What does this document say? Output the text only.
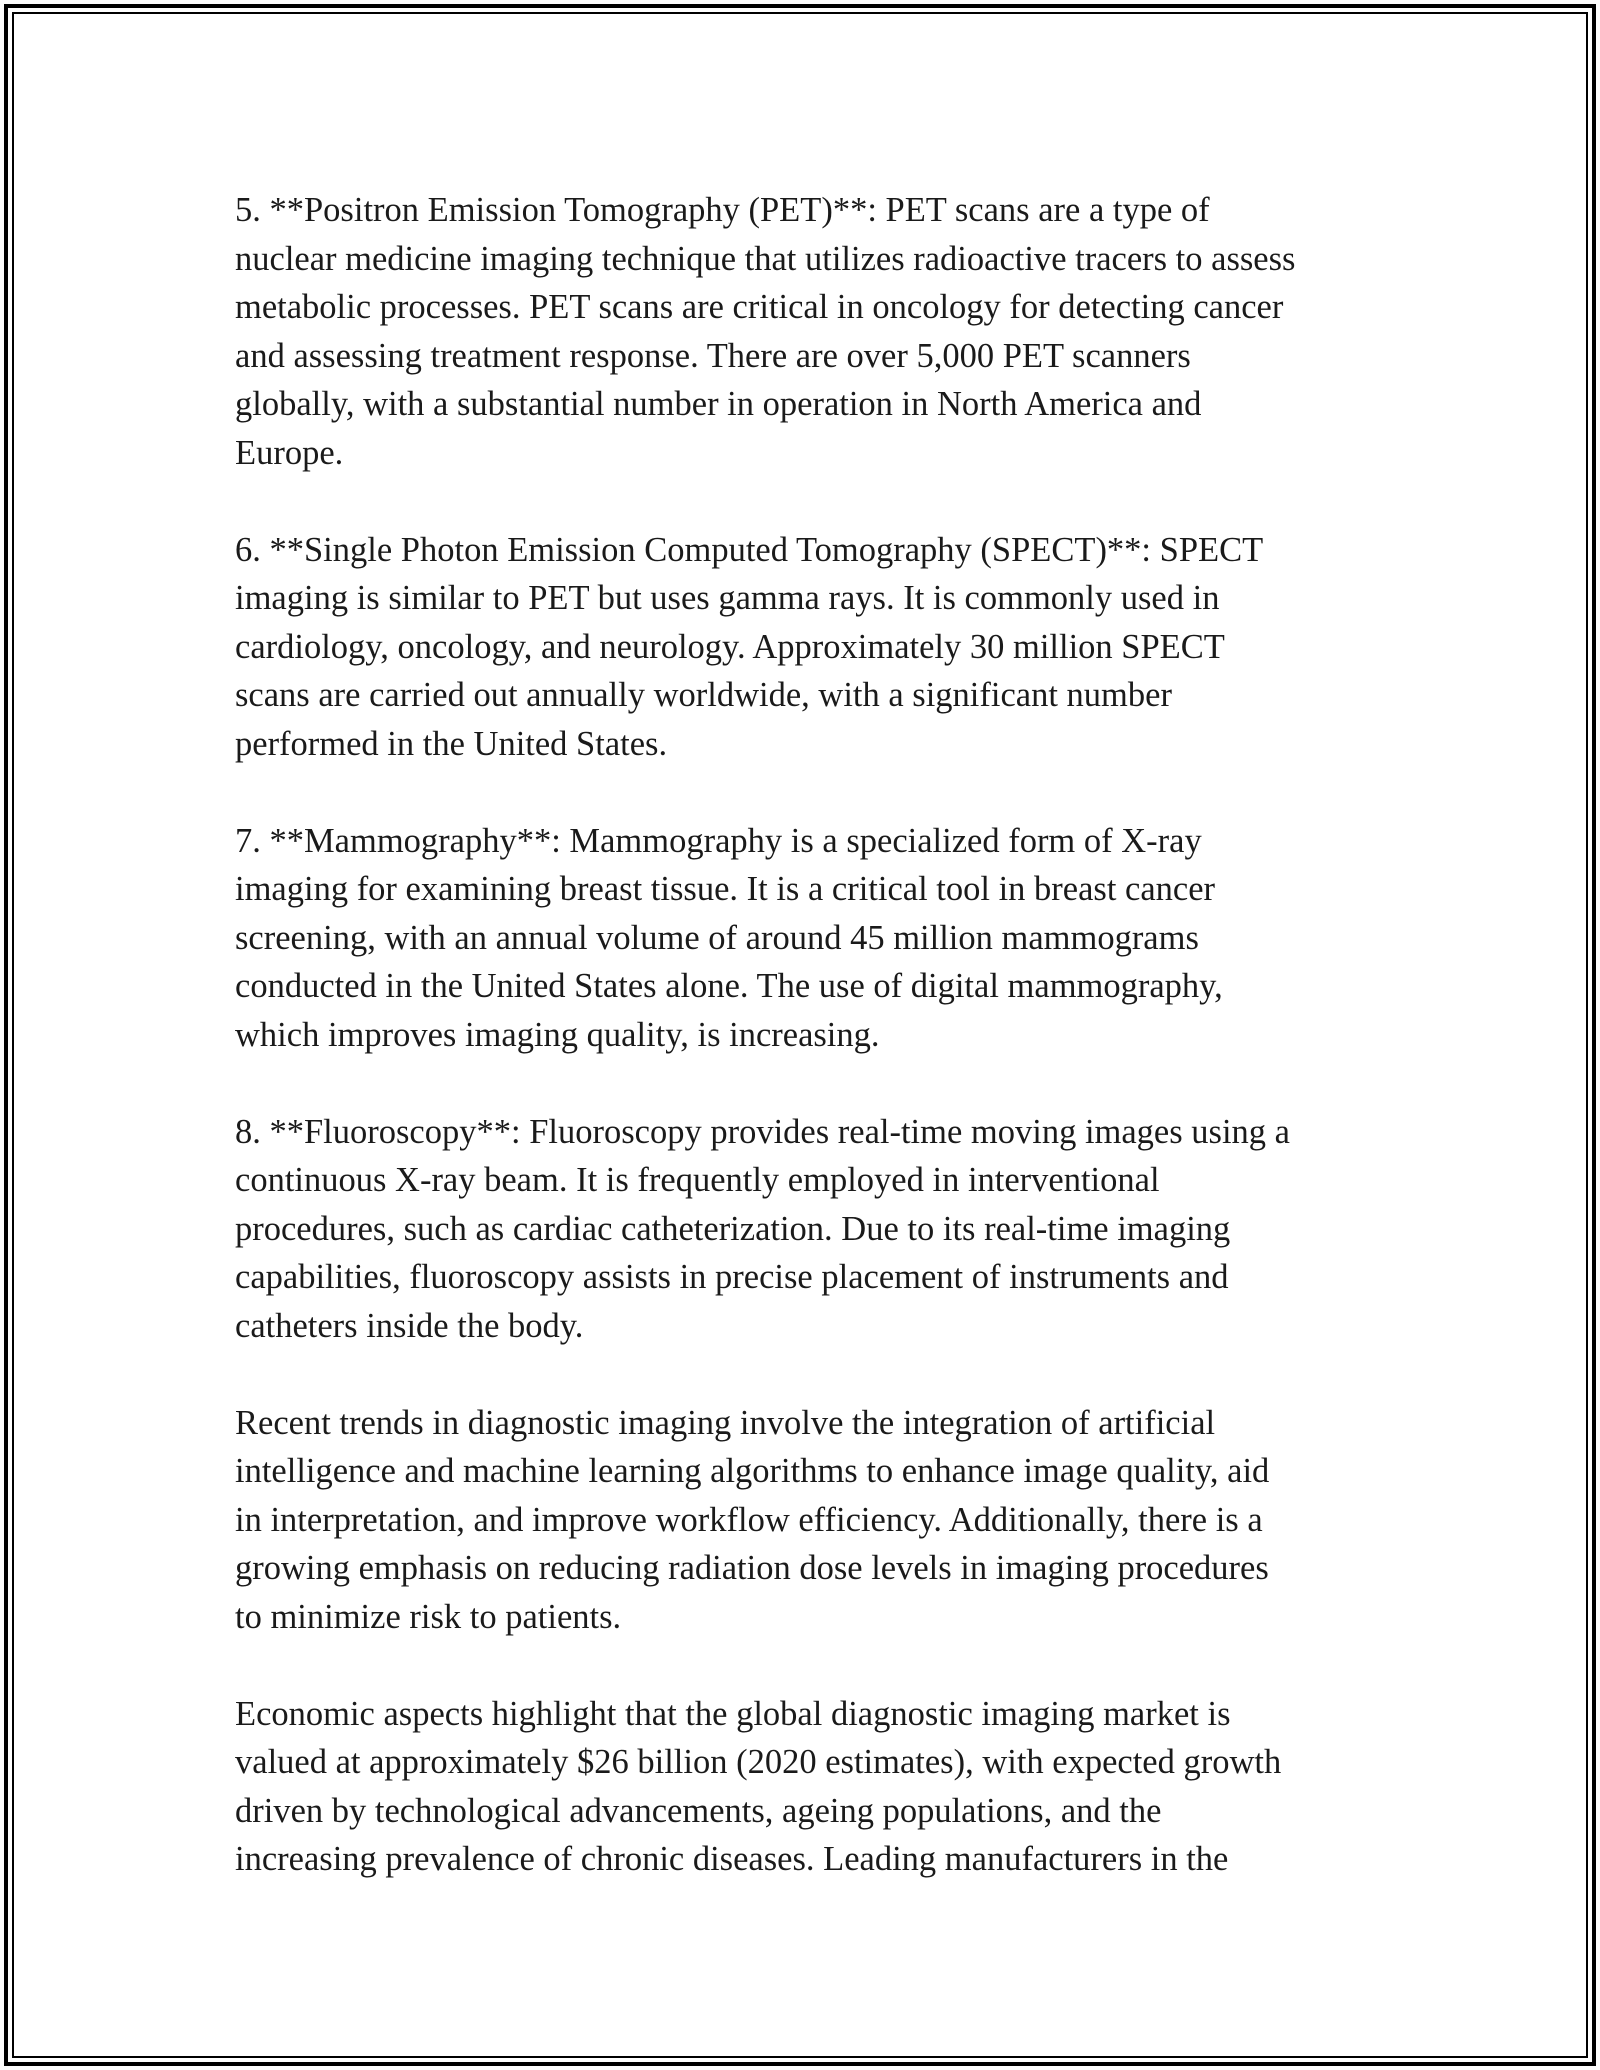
5. **Positron Emission Tomography (PET)**: PET scans are a type of
nuclear medicine imaging technique that utilizes radioactive tracers to assess
metabolic processes. PET scans are critical in oncology for detecting cancer
and assessing treatment response. There are over 5,000 PET scanners
globally, with a substantial number in operation in North America and
Europe.

6. **Single Photon Emission Computed Tomography (SPECT)**: SPECT
imaging is similar to PET but uses gamma rays. It is commonly used in
cardiology, oncology, and neurology. Approximately 30 million SPECT
scans are carried out annually worldwide, with a significant number
performed in the United States.

7. **Mammography**: Mammography is a specialized form of X-ray
imaging for examining breast tissue. It is a critical tool in breast cancer
screening, with an annual volume of around 45 million mammograms
conducted in the United States alone. The use of digital mammography,
which improves imaging quality, is increasing.

8. **Fluoroscopy**: Fluoroscopy provides real-time moving images using a
continuous X-ray beam. It is frequently employed in interventional
procedures, such as cardiac catheterization. Due to its real-time imaging
capabilities, fluoroscopy assists in precise placement of instruments and
catheters inside the body.

Recent trends in diagnostic imaging involve the integration of artificial
intelligence and machine learning algorithms to enhance image quality, aid
in interpretation, and improve workflow efficiency. Additionally, there is a
growing emphasis on reducing radiation dose levels in imaging procedures
to minimize risk to patients.

Economic aspects highlight that the global diagnostic imaging market is
valued at approximately $26 billion (2020 estimates), with expected growth
driven by technological advancements, ageing populations, and the
increasing prevalence of chronic diseases. Leading manufacturers in the
